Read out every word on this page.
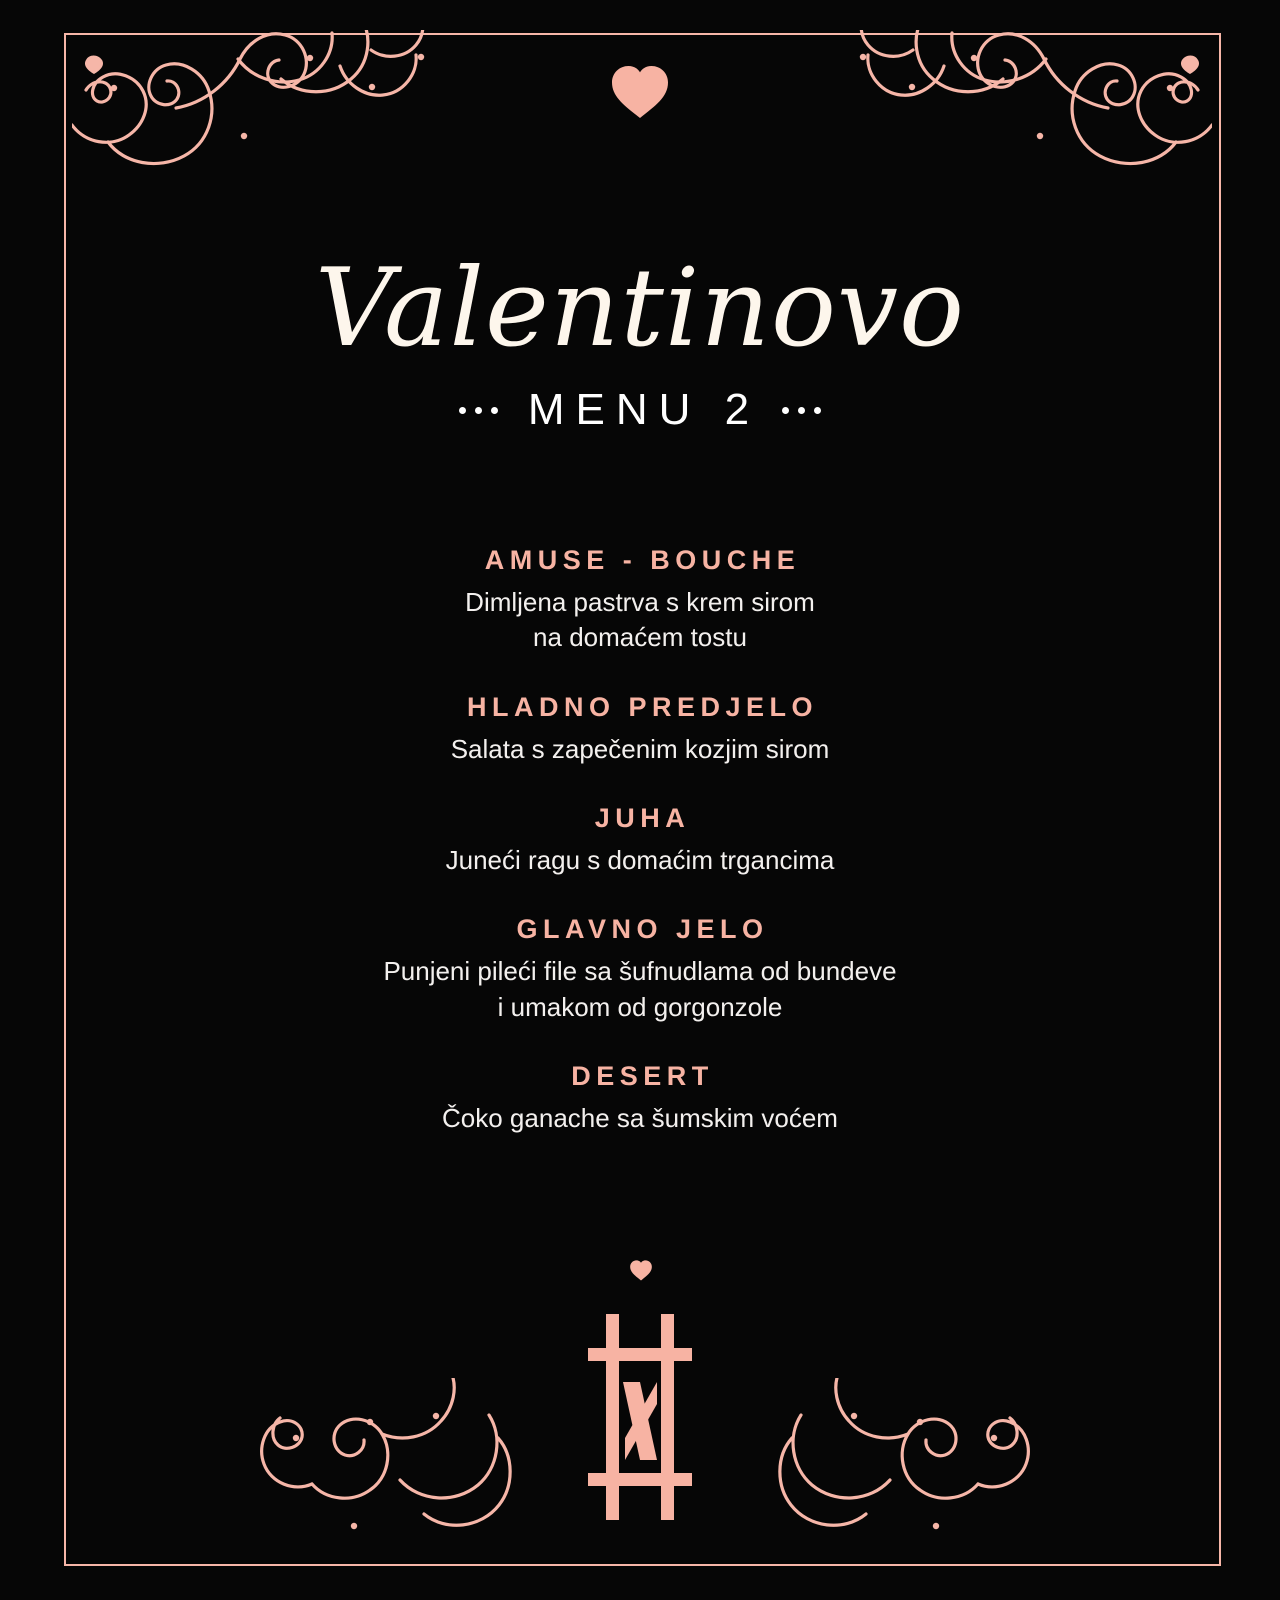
Valentinovo
MENU 2
AMUSE - BOUCHE
Dimljena pastrva s krem sirom
na domaćem tostu
HLADNO PREDJELO
Salata s zapečenim kozjim sirom
JUHA
Juneći ragu s domaćim trgancima
GLAVNO JELO
Punjeni pileći file sa šufnudlama od bundeve
i umakom od gorgonzole
DESERT
Čoko ganache sa šumskim voćem
